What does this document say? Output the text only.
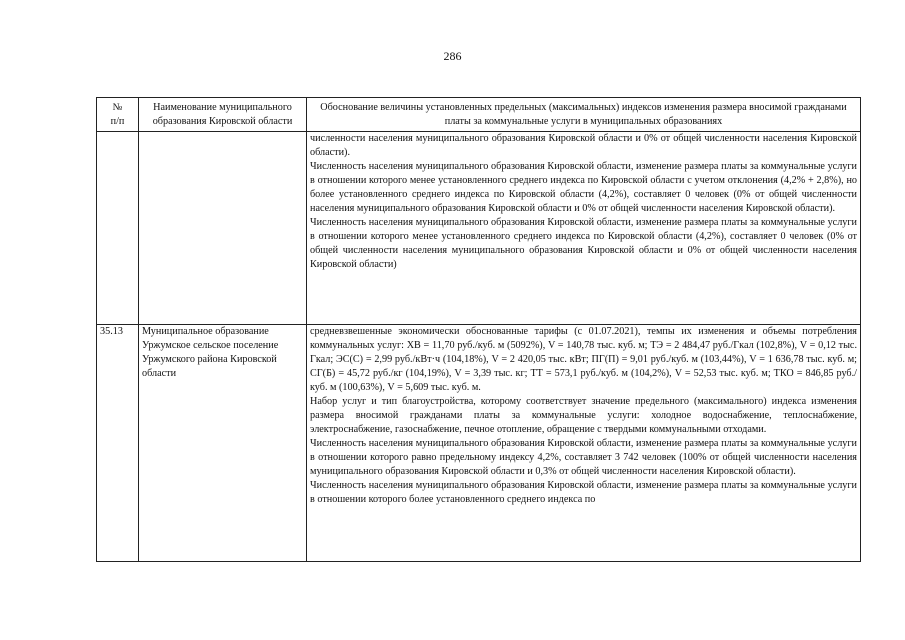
286
№
п/п	Наименование муниципального образования Кировской области	Обоснование величины установленных предельных (максимальных) индексов изменения размера вносимой гражданами платы за коммунальные услуги в муниципальных образованиях

		численности населения муниципального образования Кировской области и 0% от общей численности населения Кировской области).
Численность населения муниципального образования Кировской области, изменение размера платы за коммунальные услуги в отношении которого менее установленного среднего индекса по Кировской области с учетом отклонения (4,2% + 2,8%), но более установленного среднего индекса по Кировской области (4,2%), составляет 0 человек (0% от общей численности населения муниципального образования Кировской области и 0% от общей численности населения Кировской области).
Численность населения муниципального образования Кировской области, изменение размера платы за коммунальные услуги в отношении которого менее установленного среднего индекса по Кировской области (4,2%), составляет 0 человек (0% от общей численности населения муниципального образования Кировской области и 0% от общей численности населения Кировской области)

35.13	Муниципальное образование Уржумское сельское поселение Уржумского района Кировской области	средневзвешенные экономически обоснованные тарифы (с 01.07.2021), темпы их изменения и объемы потребления коммунальных услуг: ХВ = 11,70 руб./куб. м (5092%), V = 140,78 тыс. куб. м; ТЭ = 2 484,47 руб./Гкал (102,8%), V = 0,12 тыс. Гкал; ЭС(С) = 2,99 руб./кВт·ч (104,18%), V = 2 420,05 тыс. кВт; ПГ(П) = 9,01 руб./куб. м (103,44%), V = 1 636,78 тыс. куб. м; СГ(Б) = 45,72 руб./кг (104,19%), V = 3,39 тыс. кг; ТТ = 573,1 руб./куб. м (104,2%), V = 52,53 тыс. куб. м; ТКО = 846,85 руб./куб. м (100,63%), V = 5,609 тыс. куб. м.
Набор услуг и тип благоустройства, которому соответствует значение предельного (максимального) индекса изменения размера вносимой гражданами платы за коммунальные услуги: холодное водоснабжение, теплоснабжение, электроснабжение, газоснабжение, печное отопление, обращение с твердыми коммунальными отходами.
Численность населения муниципального образования Кировской области, изменение размера платы за коммунальные услуги в отношении которого равно предельному индексу 4,2%, составляет 3 742 человек (100% от общей численности населения муниципального образования Кировской области и 0,3% от общей численности населения Кировской области).
Численность населения муниципального образования Кировской области, изменение размера платы за коммунальные услуги в отношении которого более установленного среднего индекса по
